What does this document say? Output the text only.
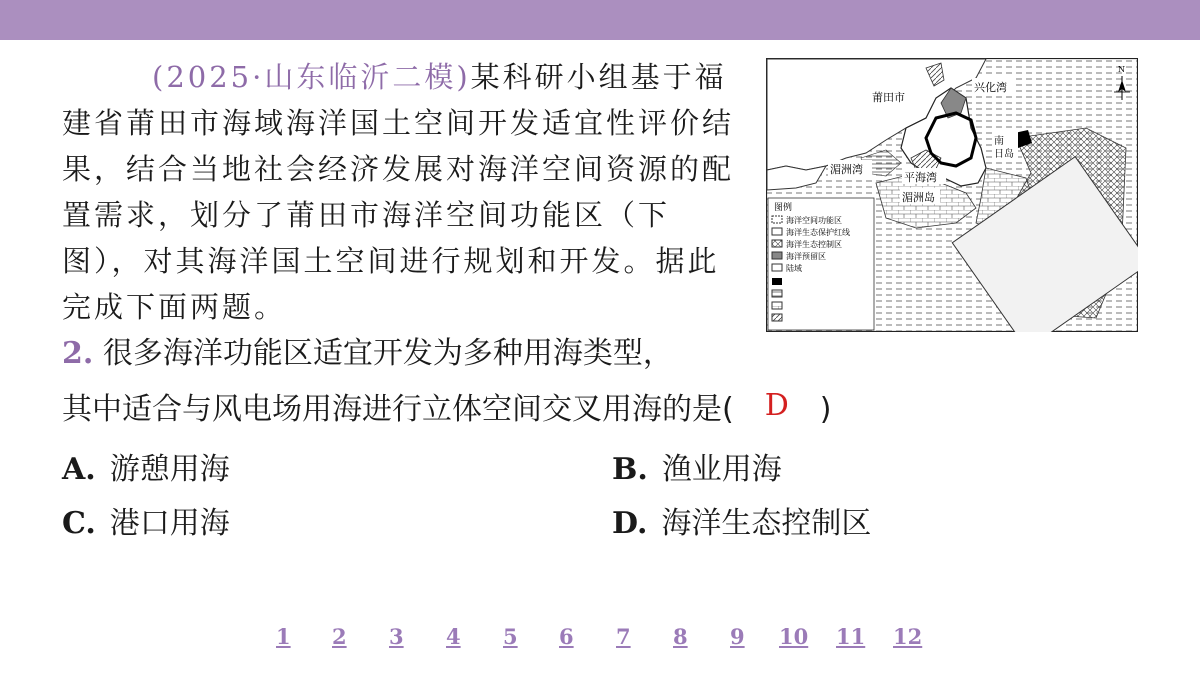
(2025·山东临沂二模)某科研小组基于福建省莆田市海域海洋国土空间开发适宜性评价结果，结合当地社会经济发展对海洋空间资源的配置需求，划分了莆田市海洋空间功能区（下图），对其海洋国土空间进行规划和开发。据此完成下面两题。
图例
海洋空间功能区
海洋生态保护红线
海洋生态控制区
海洋预留区
陆域
莆田市
兴化湾
湄洲湾
平海湾
湄洲岛
南日岛
N
2. 很多海洋功能区适宜开发为多种用海类型，
其中适合与风电场用海进行立体空间交叉用海的是( D )
A. 游憩用海	B. 渔业用海
C. 港口用海	D. 海洋生态控制区
1 2 3 4 5 6 7 8 9 10 11 12
